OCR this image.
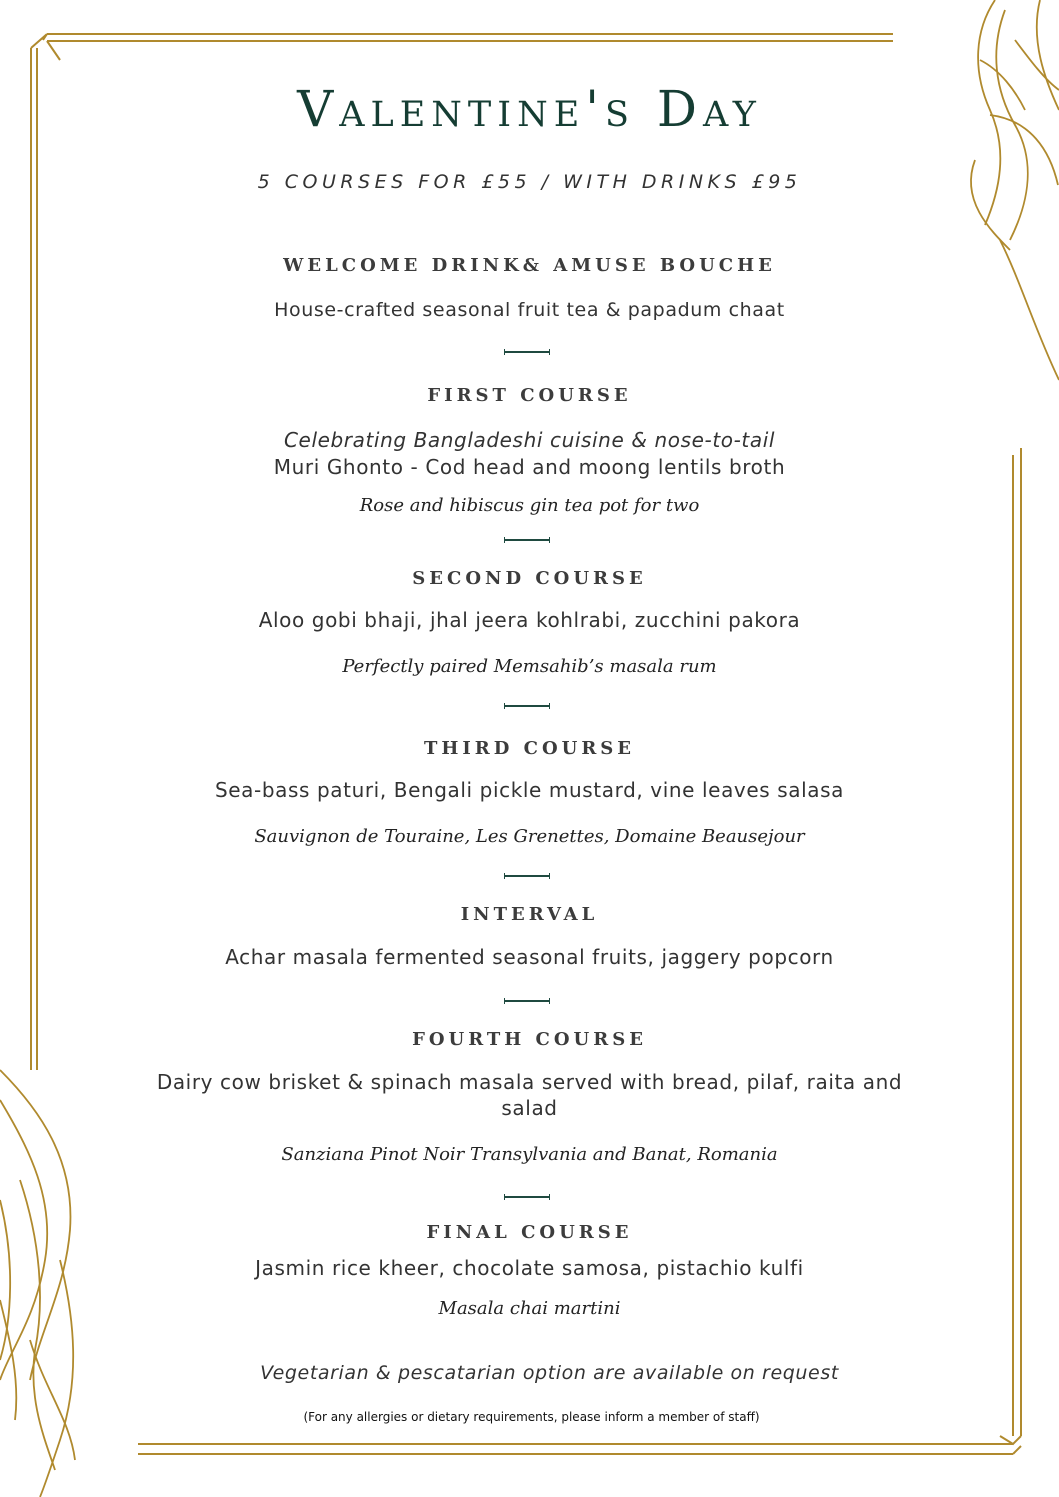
Valentine's Day
5 COURSES FOR £55 / WITH DRINKS £95
WELCOME DRINK& AMUSE BOUCHE
House-crafted seasonal fruit tea & papadum chaat
FIRST COURSE
Celebrating Bangladeshi cuisine & nose-to-tail
Muri Ghonto - Cod head and moong lentils broth
Rose and hibiscus gin tea pot for two
SECOND COURSE
Aloo gobi bhaji, jhal jeera kohlrabi, zucchini pakora
Perfectly paired Memsahib’s masala rum
THIRD COURSE
Sea-bass paturi, Bengali pickle mustard, vine leaves salasa
Sauvignon de Touraine, Les Grenettes, Domaine Beausejour
INTERVAL
Achar masala fermented seasonal fruits, jaggery popcorn
FOURTH COURSE
Dairy cow brisket & spinach masala served with bread, pilaf, raita and
salad
Sanziana Pinot Noir Transylvania and Banat, Romania
FINAL COURSE
Jasmin rice kheer, chocolate samosa, pistachio kulfi
Masala chai martini
Vegetarian & pescatarian option are available on request
(For any allergies or dietary requirements, please inform a member of staff)
